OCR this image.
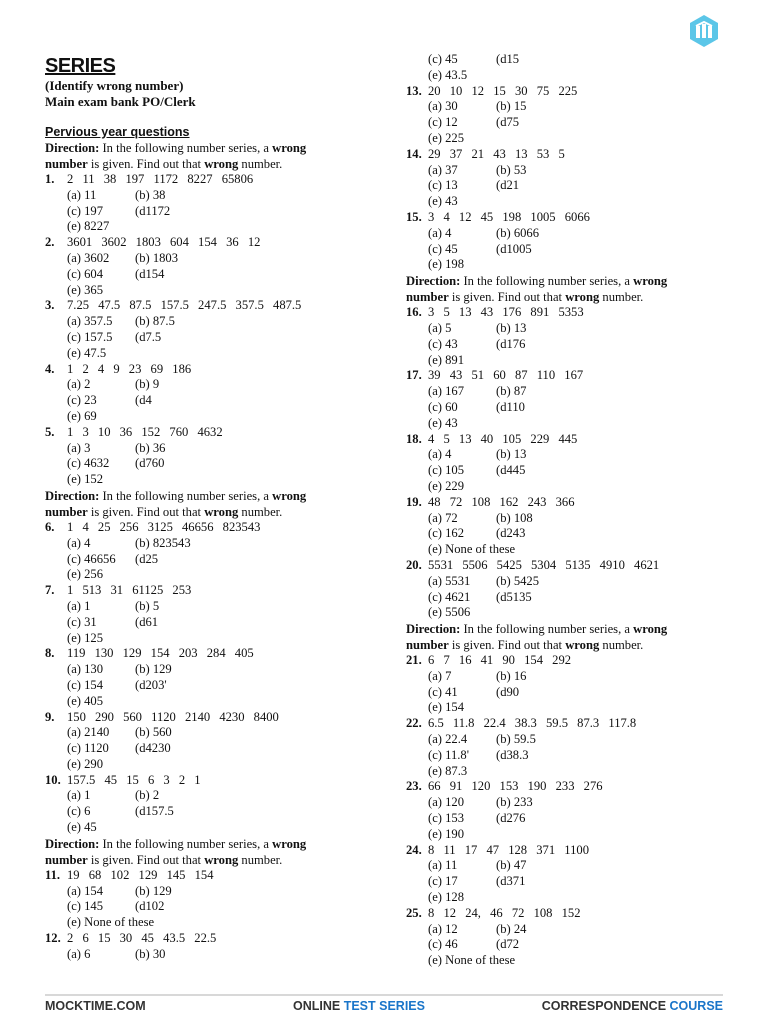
SERIES
(Identify wrong number)
Main exam bank PO/Clerk
Pervious year questions
Direction: In the following number series, a wrong
number is given. Find out that wrong number.
1. 2 11 38 197 1172 8227 65806
(a) 11	(b) 38
(c) 197	(d1172
(e) 8227
2. 3601 3602 1803 604 154 36 12
(a) 3602 (b) 1803
(c) 604	(d154
(e) 365
3. 7.25 47.5 87.5 157.5 247.5 357.5 487.5
(a) 357.5 (b) 87.5
(c) 157.5 (d7.5
(e) 47.5
4. 1 2 4 9 23 69 186
(a) 2	(b) 9
(c) 23	(d4
(e) 69
5. 1 3 10 36 152 760 4632
(a) 3	(b) 36
(c) 4632 (d760
(e) 152
Direction: In the following number series, a wrong
number is given. Find out that wrong number.
6. 1 4 25 256 3125 46656 823543
(a) 4	(b) 823543
(c) 46656 (d25
(e) 256
7. 1 513 31 61125 253
(a) 1	(b) 5
(c) 31	(d61
(e) 125
8. 119 130 129 154 203 284 405
(a) 130	(b) 129
(c) 154	(d203'
(e) 405
9. 150 290 560 1120 2140 4230 8400
(a) 2140 (b) 560
(c) 1120 (d4230
(e) 290
10. 157.5 45 15 6 3 2 1
(a) 1	(b) 2
(c) 6	(d157.5
(e) 45
Direction: In the following number series, a wrong
number is given. Find out that wrong number.
11. 19 68 102 129 145 154
(a) 154	(b) 129
(c) 145	(d102
(e) None of these
12. 2 6 15 30 45 43.5 22.5
(a) 6	(b) 30
(c) 45	(d15
(e) 43.5
13. 20 10 12 15 30 75 225
(a) 30	(b) 15
(c) 12	(d75
(e) 225
14. 29 37 21 43 13 53 5
(a) 37	(b) 53
(c) 13	(d21
(e) 43
15. 3 4 12 45 198 1005 6066
(a) 4	(b) 6066
(c) 45	(d1005
(e) 198
Direction: In the following number series, a wrong
number is given. Find out that wrong number.
16. 3 5 13 43 176 891 5353
(a) 5	(b) 13
(c) 43	(d176
(e) 891
17. 39 43 51 60 87 110 167
(a) 167	(b) 87
(c) 60	(d110
(e) 43
18. 4 5 13 40 105 229 445
(a) 4	(b) 13
(c) 105	(d445
(e) 229
19. 48 72 108 162 243 366
(a) 72	(b) 108
(c) 162	(d243
(e) None of these
20. 5531 5506 5425 5304 5135 4910 4621
(a) 5531 (b) 5425
(c) 4621 (d5135
(e) 5506
Direction: In the following number series, a wrong
number is given. Find out that wrong number.
21. 6 7 16 41 90 154 292
(a) 7	(b) 16
(c) 41	(d90
(e) 154
22. 6.5 11.8 22.4 38.3 59.5 87.3 117.8
(a) 22.4 (b) 59.5
(c) 11.8' (d38.3
(e) 87.3
23. 66 91 120 153 190 233 276
(a) 120	(b) 233
(c) 153	(d276
(e) 190
24. 8 11 17 47 128 371 1100
(a) 11	(b) 47
(c) 17	(d371
(e) 128
25. 8 12 24, 46 72 108 152
(a) 12	(b) 24
(c) 46	(d72
(e) None of these
MOCKTIME.COM	ONLINE TEST SERIES	CORRESPONDENCE COURSE
